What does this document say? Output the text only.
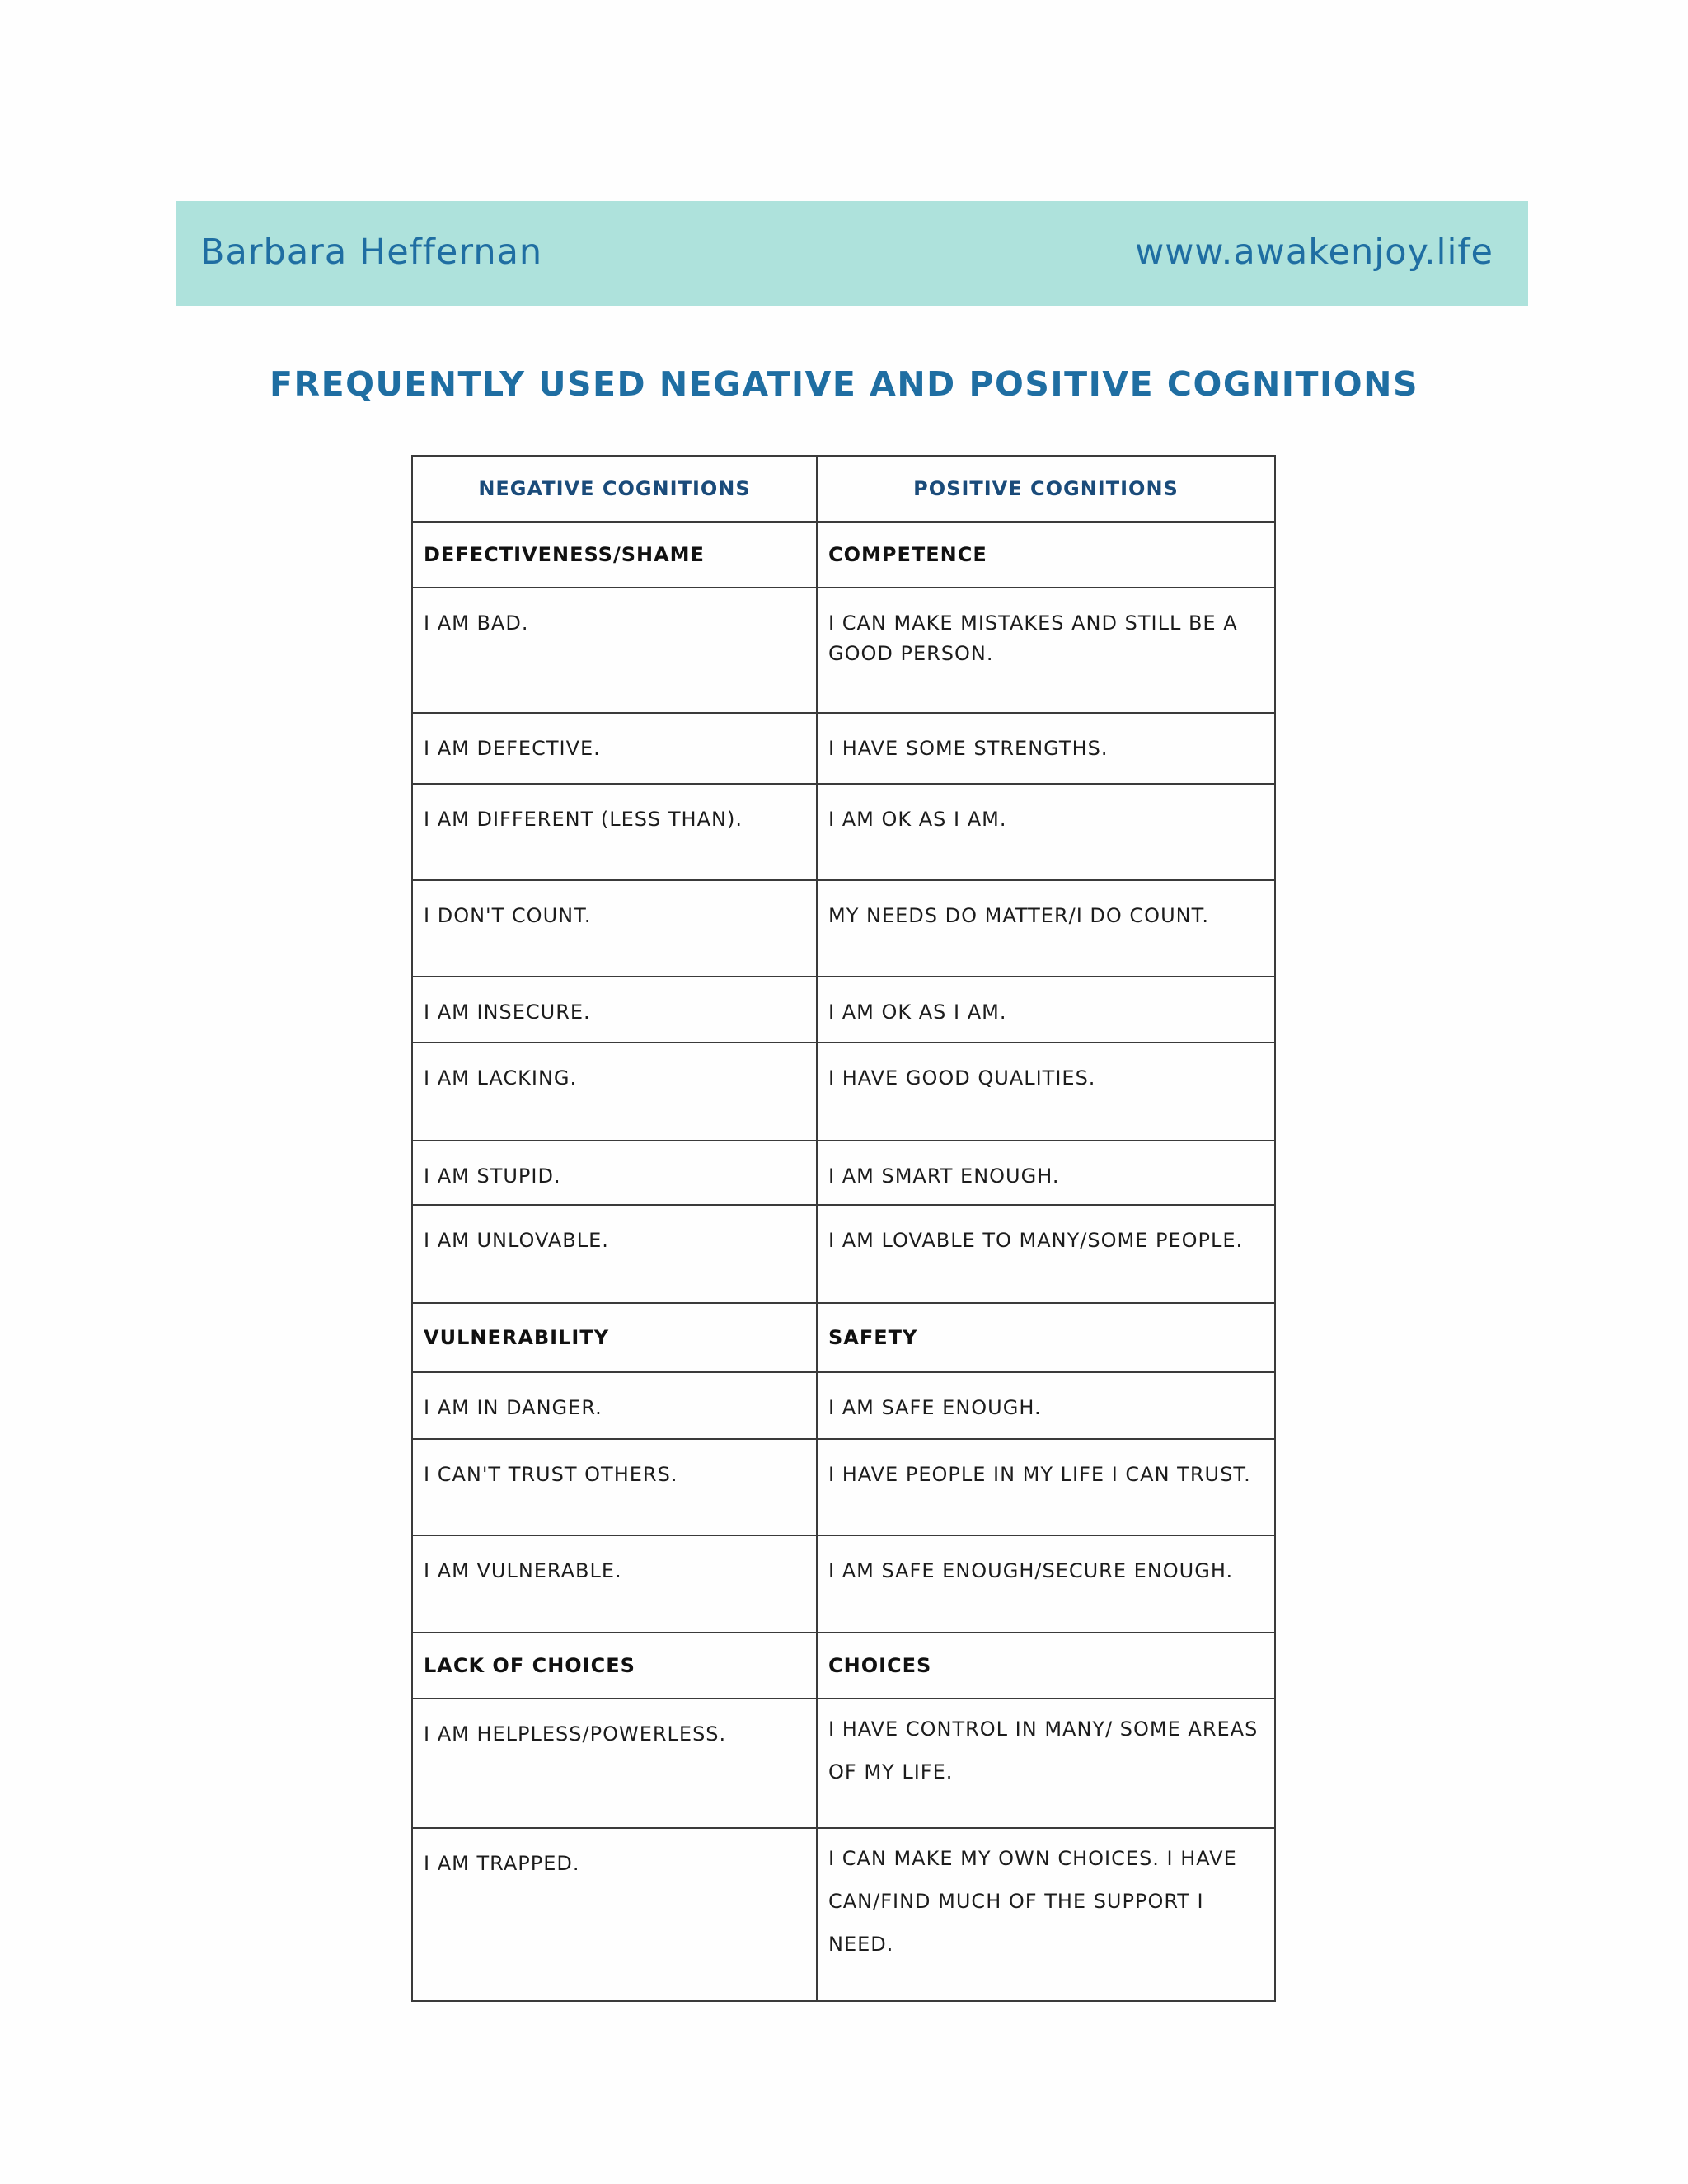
Barbara Heffernan	www.awakenjoy.life
FREQUENTLY USED NEGATIVE AND POSITIVE COGNITIONS
NEGATIVE COGNITIONS	POSITIVE COGNITIONS

DEFECTIVENESS/SHAME	COMPETENCE

I AM BAD.	I CAN MAKE MISTAKES AND STILL BE A GOOD PERSON.

I AM DEFECTIVE.	I HAVE SOME STRENGTHS.

I AM DIFFERENT (LESS THAN).	I AM OK AS I AM.

I DON'T COUNT.	MY NEEDS DO MATTER/I DO COUNT.

I AM INSECURE.	I AM OK AS I AM.

I AM LACKING.	I HAVE GOOD QUALITIES.

I AM STUPID.	I AM SMART ENOUGH.

I AM UNLOVABLE.	I AM LOVABLE TO MANY/SOME PEOPLE.

VULNERABILITY	SAFETY

I AM IN DANGER.	I AM SAFE ENOUGH.

I CAN'T TRUST OTHERS.	I HAVE PEOPLE IN MY LIFE I CAN TRUST.

I AM VULNERABLE.	I AM SAFE ENOUGH/SECURE ENOUGH.

LACK OF CHOICES	CHOICES

I AM HELPLESS/POWERLESS.	I HAVE CONTROL IN MANY/ SOME AREAS OF MY LIFE.

I AM TRAPPED.	I CAN MAKE MY OWN CHOICES. I HAVE CAN/FIND MUCH OF THE SUPPORT I NEED.
